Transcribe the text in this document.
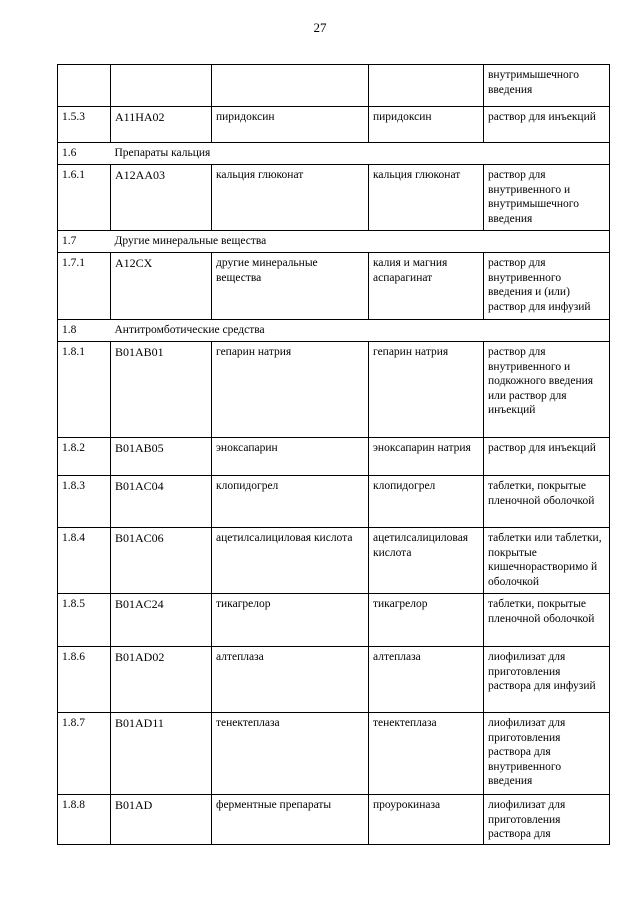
27
				внутримышечного введения
1.5.3	A11HA02	пиридоксин	пиридоксин	раствор для инъекций
1.6	Препараты кальция			
1.6.1	A12AA03	кальция глюконат	кальция глюконат	раствор для внутривенного и внутримышечного введения
1.7	Другие минеральные вещества			
1.7.1	A12CX	другие минеральные вещества	калия и магния аспарагинат	раствор для внутривенного введения и (или) раствор для инфузий
1.8	Антитромботические средства			
1.8.1	B01AB01	гепарин натрия	гепарин натрия	раствор для внутривенного и подкожного введения или раствор для инъекций
1.8.2	B01AB05	эноксапарин	эноксапарин натрия	раствор для инъекций
1.8.3	B01AC04	клопидогрел	клопидогрел	таблетки, покрытые пленочной оболочкой
1.8.4	B01AC06	ацетилсалициловая кислота	ацетилсалициловая кислота	таблетки или таблетки, покрытые кишечнорастворимо й оболочкой
1.8.5	B01AC24	тикагрелор	тикагрелор	таблетки, покрытые пленочной оболочкой
1.8.6	B01AD02	алтеплаза	алтеплаза	лиофилизат для приготовления раствора для инфузий
1.8.7	B01AD11	тенектеплаза	тенектеплаза	лиофилизат для приготовления раствора для внутривенного введения
1.8.8	B01AD	ферментные препараты	проурокиназа	лиофилизат для приготовления раствора для
